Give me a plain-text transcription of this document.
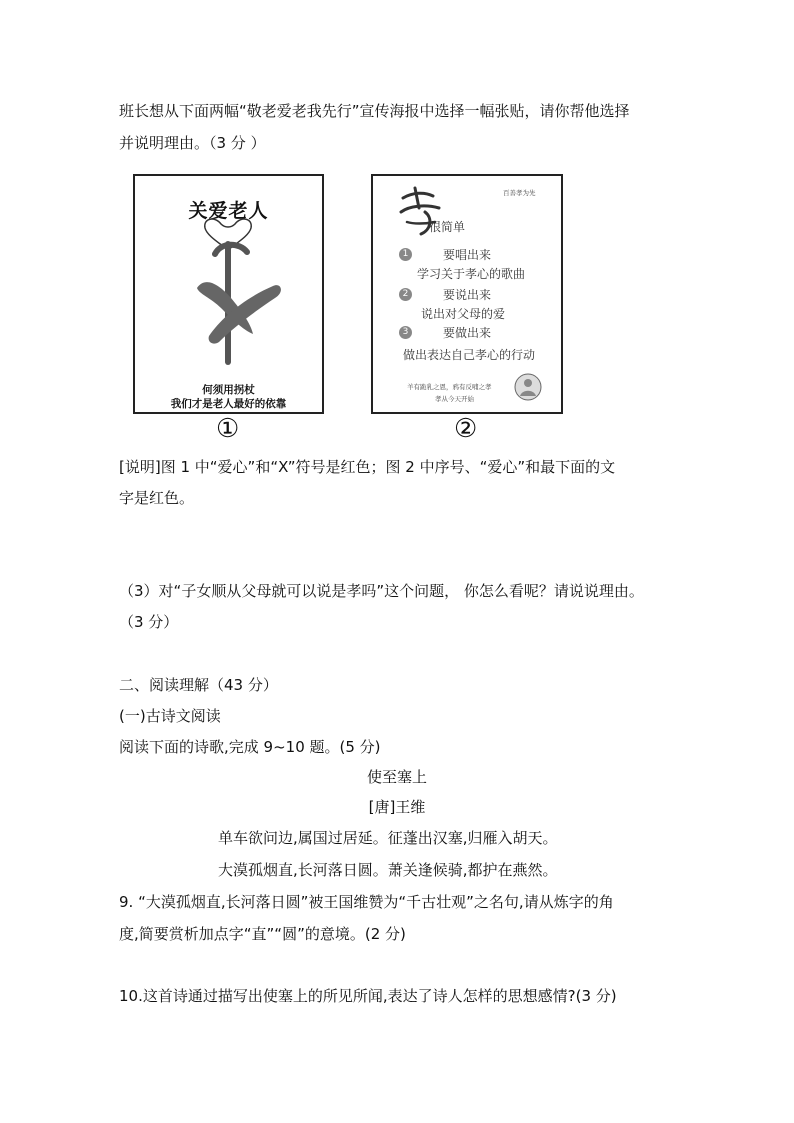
班长想从下面两幅“敬老爱老我先行”宣传海报中选择一幅张贴，请你帮他选择
并说明理由。（3 分 ）
关爱老人
何须用拐杖
我们才是老人最好的依靠
①
百善孝为先
很简单
1	要唱出来
学习关于孝心的歌曲
2	要说出来
说出对父母的爱
3	要做出来
做出表达自己孝心的行动
羊有跪乳之恩，鸦有反哺之孝
孝从今天开始
②
[说明]图 1 中“爱心”和“X”符号是红色；图 2 中序号、“爱心”和最下面的文
字是红色。
（3）对“子女顺从父母就可以说是孝吗”这个问题， 你怎么看呢？请说说理由。
（3 分）
二、阅读理解（43 分）
(一)古诗文阅读
阅读下面的诗歌,完成 9~10 题。(5 分)
使至塞上
[唐]王维
单车欲问边,属国过居延。征蓬出汉塞,归雁入胡天。
大漠孤烟直,长河落日圆。萧关逢候骑,都护在燕然。
9. “大漠孤烟直,长河落日圆”被王国维赞为“千古壮观”之名句,请从炼字的角
度,简要赏析加点字“直”“圆”的意境。(2 分)
10.这首诗通过描写出使塞上的所见所闻,表达了诗人怎样的思想感情?(3 分)
